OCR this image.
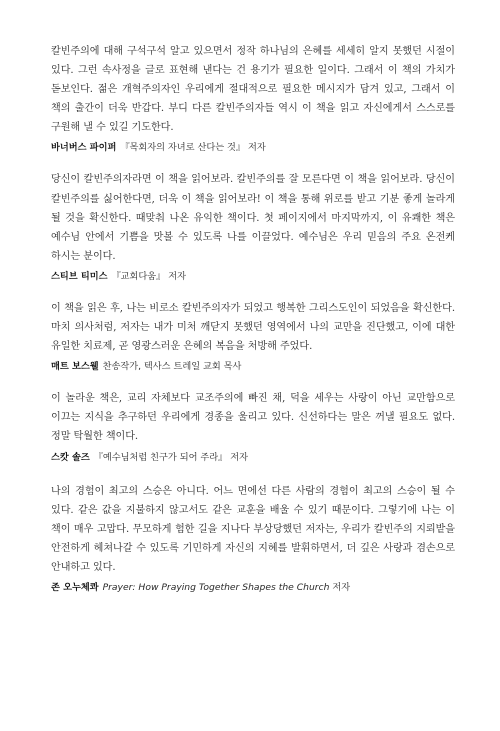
칼빈주의에 대해 구석구석 알고 있으면서 정작 하나님의 은혜를 세세히 알지 못했던 시절이 있다. 그런 속사정을 글로 표현해 낸다는 건 용기가 필요한 일이다. 그래서 이 책의 가치가 돋보인다. 젊은 개혁주의자인 우리에게 절대적으로 필요한 메시지가 담겨 있고, 그래서 이 책의 출간이 더욱 반갑다. 부디 다른 칼빈주의자들 역시 이 책을 읽고 자신에게서 스스로를 구원해 낼 수 있길 기도한다.

바너버스 파이퍼 『목회자의 자녀로 산다는 것』 저자

당신이 칼빈주의자라면 이 책을 읽어보라. 칼빈주의를 잘 모른다면 이 책을 읽어보라. 당신이 칼빈주의를 싫어한다면, 더욱 이 책을 읽어보라! 이 책을 통해 위로를 받고 기분 좋게 놀라게 될 것을 확신한다. 때맞춰 나온 유익한 책이다. 첫 페이지에서 마지막까지, 이 유쾌한 책은 예수님 안에서 기쁨을 맛볼 수 있도록 나를 이끌었다. 예수님은 우리 믿음의 주요 온전케 하시는 분이다.

스티브 티미스 『교회다움』 저자

이 책을 읽은 후, 나는 비로소 칼빈주의자가 되었고 행복한 그리스도인이 되었음을 확신한다. 마치 의사처럼, 저자는 내가 미처 깨닫지 못했던 영역에서 나의 교만을 진단했고, 이에 대한 유일한 치료제, 곧 영광스러운 은혜의 복음을 처방해 주었다.

매트 보스웰 찬송작가, 텍사스 트레일 교회 목사

이 놀라운 책은, 교리 자체보다 교조주의에 빠진 채, 덕을 세우는 사랑이 아닌 교만함으로 이끄는 지식을 추구하던 우리에게 경종을 울리고 있다. 신선하다는 말은 꺼낼 필요도 없다. 정말 탁월한 책이다.

스캇 솔즈 『예수님처럼 친구가 되어 주라』 저자

나의 경험이 최고의 스승은 아니다. 어느 면에선 다른 사람의 경험이 최고의 스승이 될 수 있다. 같은 값을 지불하지 않고서도 같은 교훈을 배울 수 있기 때문이다. 그렇기에 나는 이 책이 매우 고맙다. 무모하게 험한 길을 지나다 부상당했던 저자는, 우리가 칼빈주의 지뢰밭을 안전하게 헤쳐나갈 수 있도록 기민하게 자신의 지혜를 발휘하면서, 더 깊은 사랑과 겸손으로 안내하고 있다.

존 오누체콰 Prayer: How Praying Together Shapes the Church 저자
